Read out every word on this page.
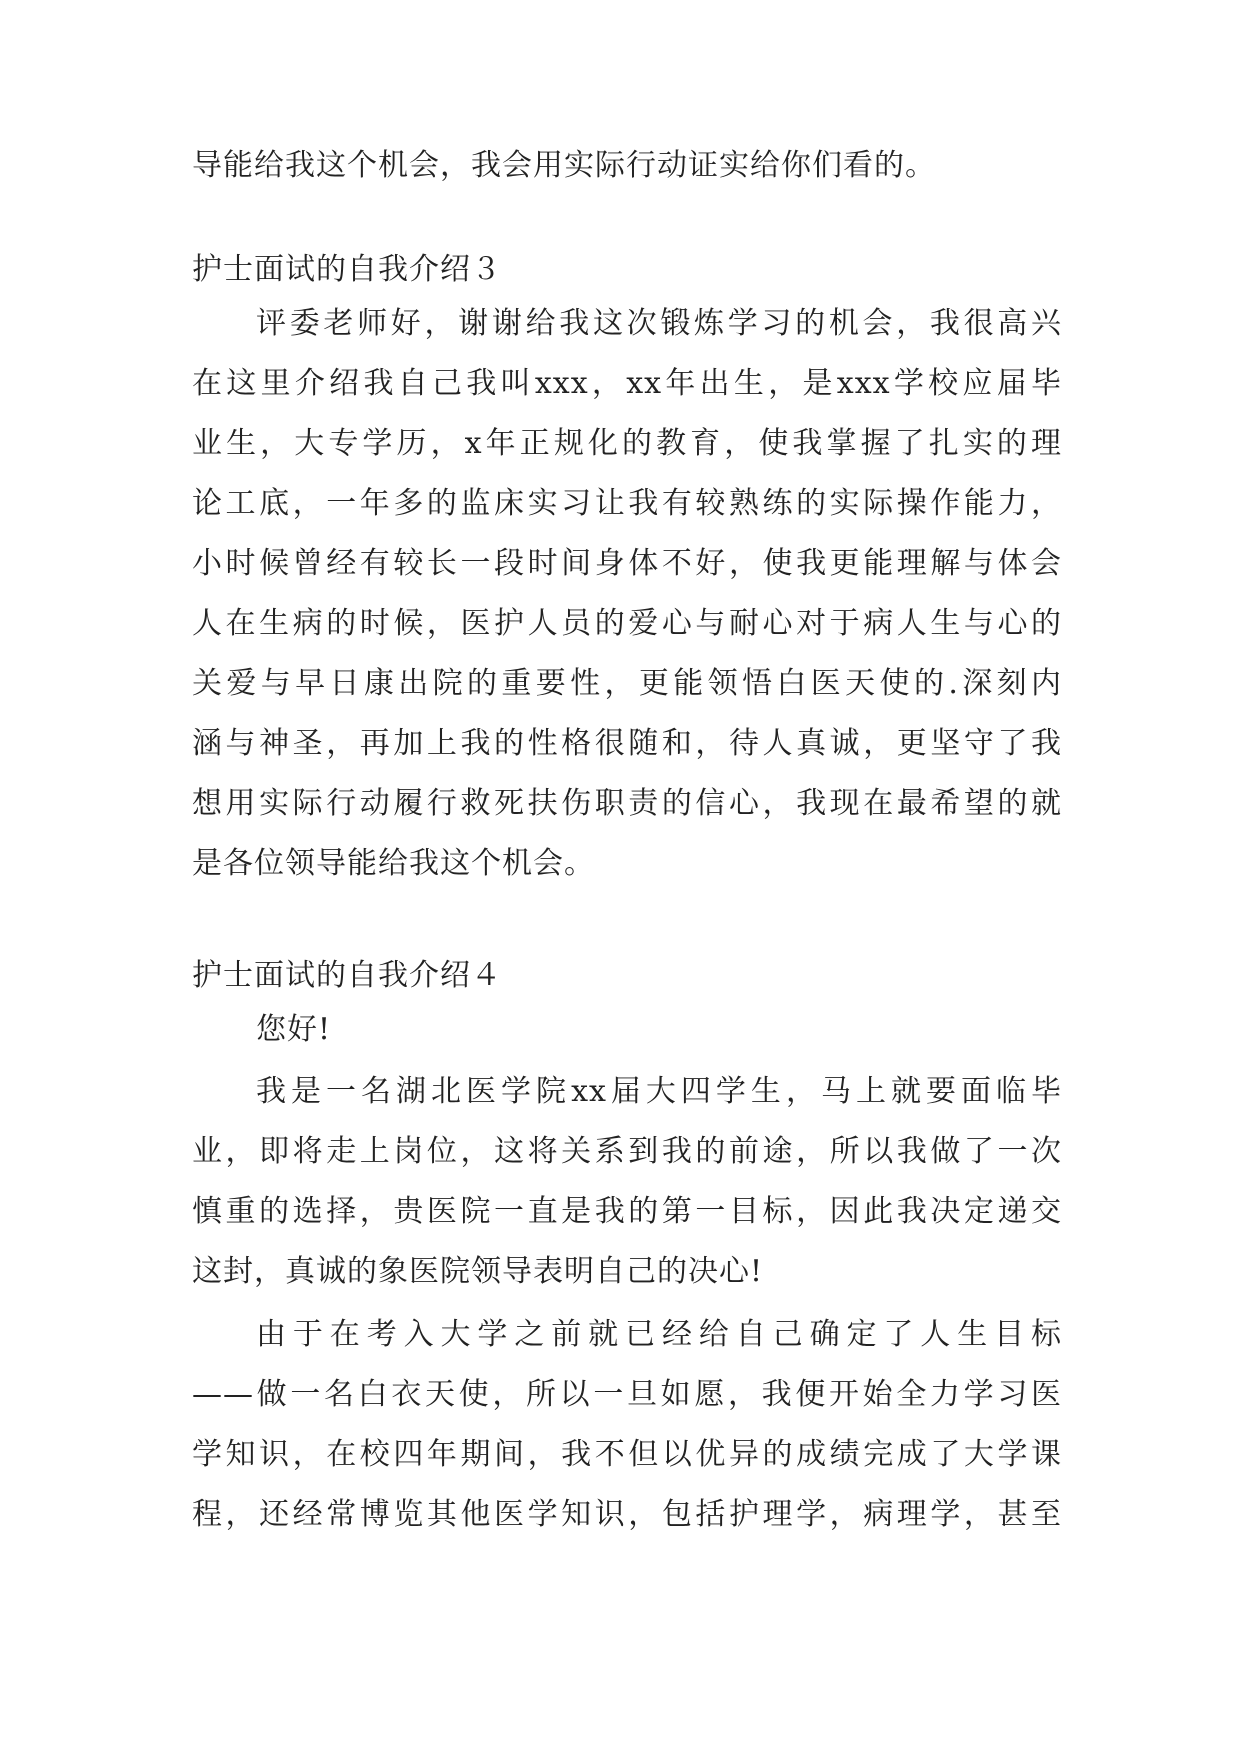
导能给我这个机会，我会用实际行动证实给你们看的。
护士面试的自我介绍３
评委老师好，谢谢给我这次锻炼学习的机会，我很高兴
在这里介绍我自己我叫xxx，xx年出生，是xxx学校应届毕
业生，大专学历，x年正规化的教育，使我掌握了扎实的理
论工底，一年多的监床实习让我有较熟练的实际操作能力，
小时候曾经有较长一段时间身体不好，使我更能理解与体会
人在生病的时候，医护人员的爱心与耐心对于病人生与心的
关爱与早日康出院的重要性，更能领悟白医天使的.深刻内
涵与神圣，再加上我的性格很随和，待人真诚，更坚守了我
想用实际行动履行救死扶伤职责的信心，我现在最希望的就
是各位领导能给我这个机会。
护士面试的自我介绍４
您好!
我是一名湖北医学院xx届大四学生，马上就要面临毕
业，即将走上岗位，这将关系到我的前途，所以我做了一次
慎重的选择，贵医院一直是我的第一目标，因此我决定递交
这封，真诚的象医院领导表明自己的决心!
由于在考入大学之前就已经给自己确定了人生目标
——做一名白衣天使，所以一旦如愿，我便开始全力学习医
学知识，在校四年期间，我不但以优异的成绩完成了大学课
程，还经常博览其他医学知识，包括护理学，病理学，甚至
